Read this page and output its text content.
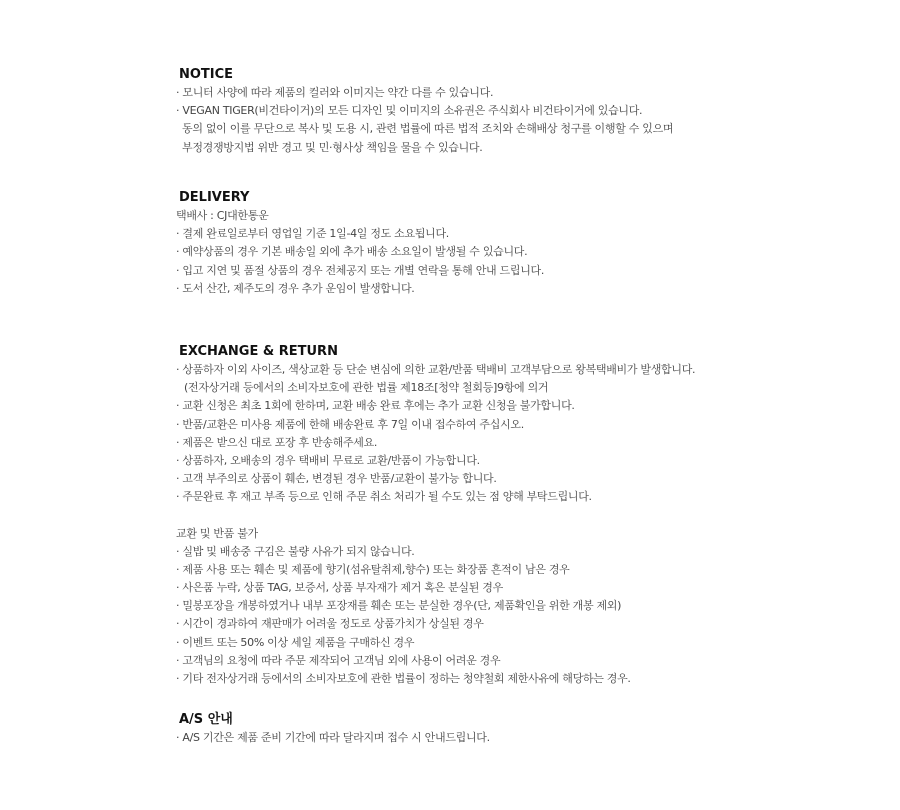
NOTICE
· 모니터 사양에 따라 제품의 컬러와 이미지는 약간 다를 수 있습니다.
· VEGAN TIGER(비건타이거)의 모든 디자인 및 이미지의 소유권은 주식회사 비건타이거에 있습니다.
동의 없이 이를 무단으로 복사 및 도용 시, 관련 법률에 따른 법적 조치와 손해배상 청구를 이행할 수 있으며
부정경쟁방지법 위반 경고 및 민·형사상 책임을 물을 수 있습니다.
DELIVERY
택배사 : CJ대한통운
· 결제 완료일로부터 영업일 기준 1일-4일 정도 소요됩니다.
· 예약상품의 경우 기본 배송일 외에 추가 배송 소요일이 발생될 수 있습니다.
· 입고 지연 및 품절 상품의 경우 전체공지 또는 개별 연락을 통해 안내 드립니다.
· 도서 산간, 제주도의 경우 추가 운임이 발생합니다.
EXCHANGE & RETURN
· 상품하자 이외 사이즈, 색상교환 등 단순 변심에 의한 교환/반품 택배비 고객부담으로 왕복택배비가 발생합니다.
(전자상거래 등에서의 소비자보호에 관한 법률 제18조[청약 철회등]9항에 의거
· 교환 신청은 최초 1회에 한하며, 교환 배송 완료 후에는 추가 교환 신청을 불가합니다.
· 반품/교환은 미사용 제품에 한해 배송완료 후 7일 이내 접수하여 주십시오.
· 제품은 받으신 대로 포장 후 반송해주세요.
· 상품하자, 오배송의 경우 택배비 무료로 교환/반품이 가능합니다.
· 고객 부주의로 상품이 훼손, 변경된 경우 반품/교환이 불가능 합니다.
· 주문완료 후 재고 부족 등으로 인해 주문 취소 처리가 될 수도 있는 점 양해 부탁드립니다.
교환 및 반품 불가
· 실밥 및 배송중 구김은 불량 사유가 되지 않습니다.
· 제품 사용 또는 훼손 및 제품에 향기(섬유탈취제,향수) 또는 화장품 흔적이 남은 경우
· 사은품 누락, 상품 TAG, 보증서, 상품 부자재가 제거 혹은 분실된 경우
· 밀봉포장을 개봉하였거나 내부 포장재를 훼손 또는 분실한 경우(단, 제품확인을 위한 개봉 제외)
· 시간이 경과하여 재판매가 어려울 정도로 상품가치가 상실된 경우
· 이벤트 또는 50% 이상 세일 제품을 구매하신 경우
· 고객님의 요청에 따라 주문 제작되어 고객님 외에 사용이 어려운 경우
· 기타 전자상거래 등에서의 소비자보호에 관한 법률이 정하는 청약철회 제한사유에 해당하는 경우.
A/S 안내
· A/S 기간은 제품 준비 기간에 따라 달라지며 접수 시 안내드립니다.
